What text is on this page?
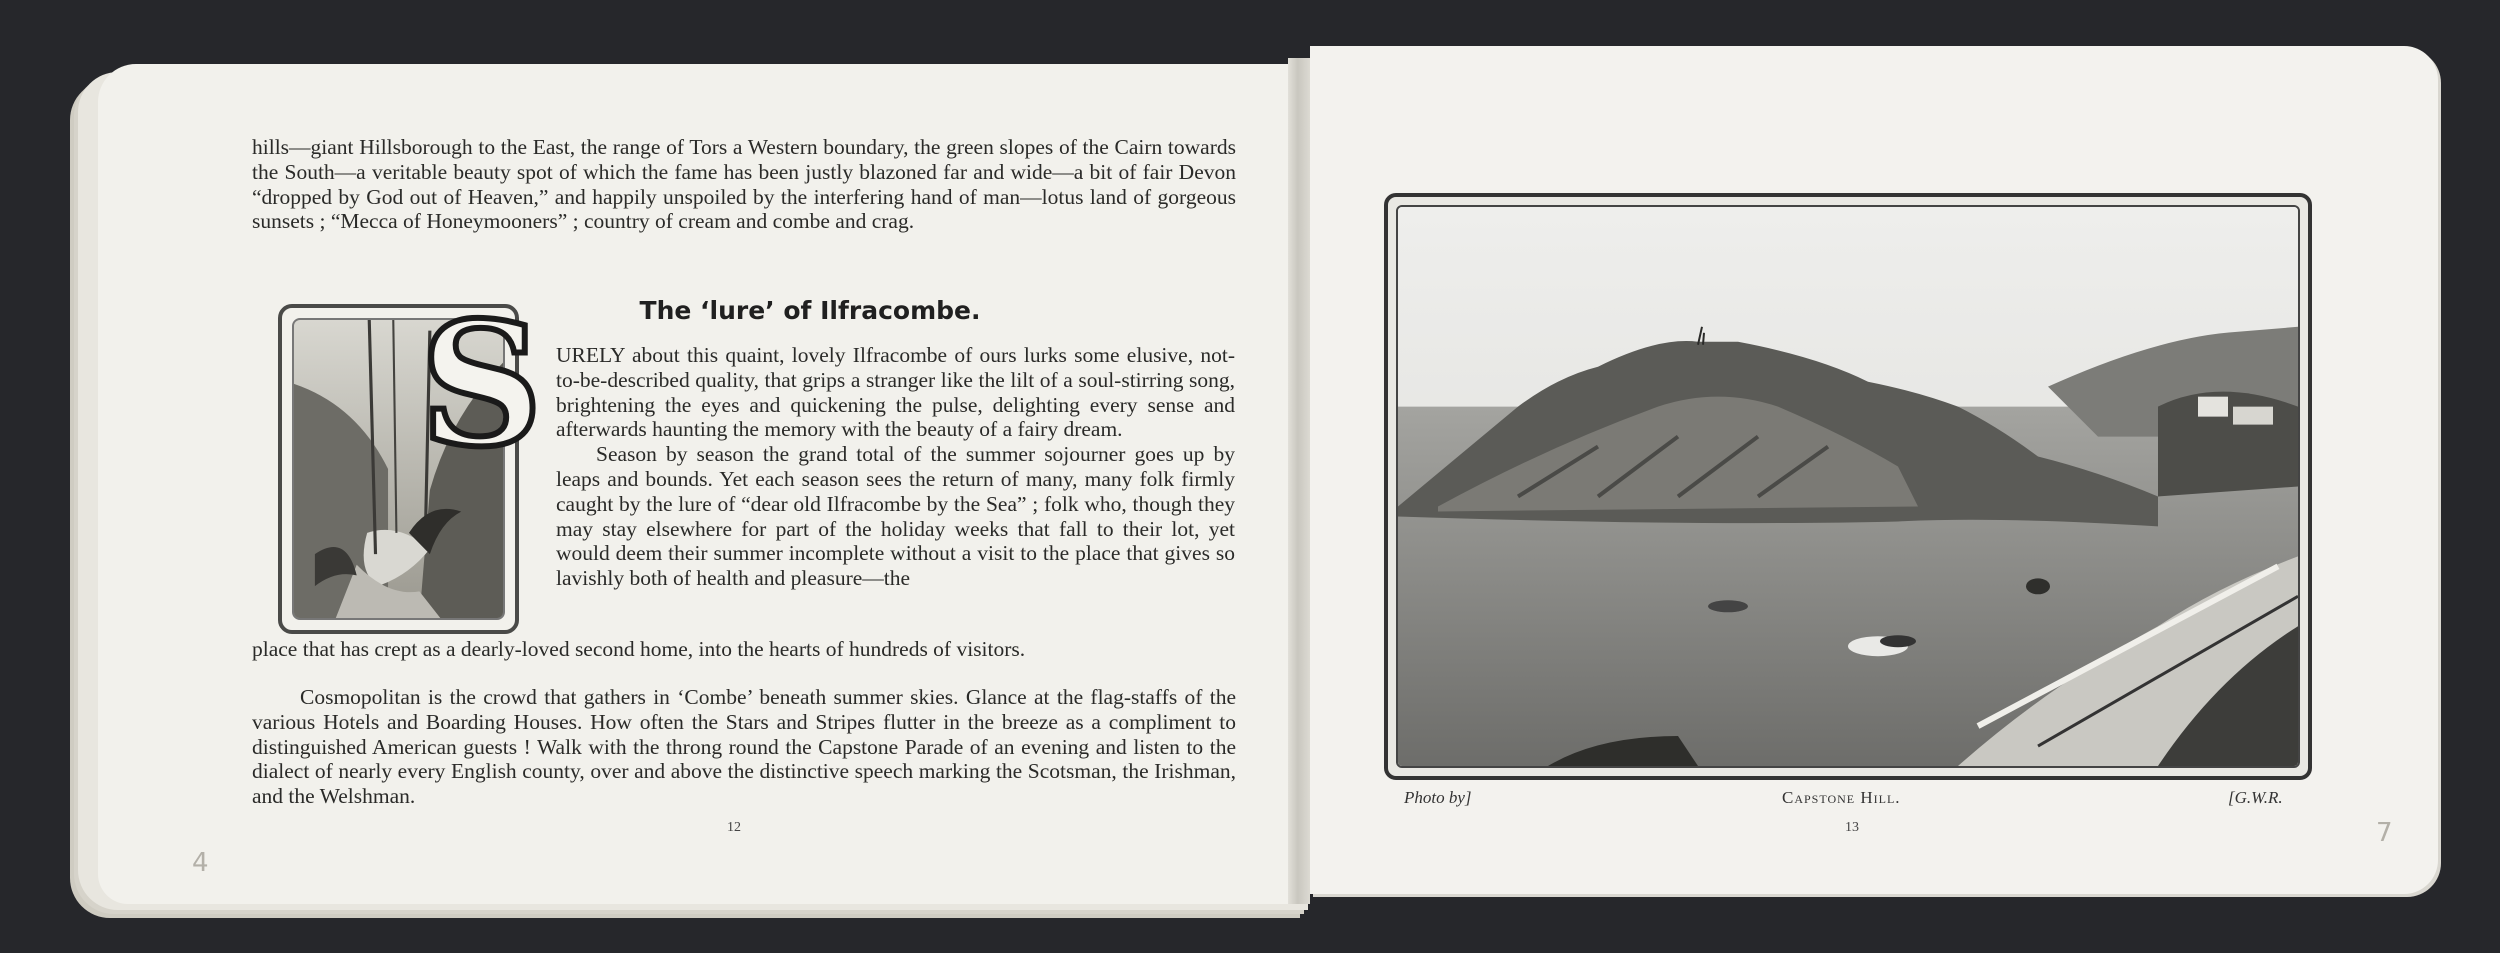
hills—giant Hillsborough to the East, the range of Tors a Western boundary, the green slopes of the Cairn towards the South—a veritable beauty spot of which the fame has been justly blazoned far and wide—a bit of fair Devon “dropped by God out of Heaven,” and happily unspoiled by the interfering hand of man—lotus land of gorgeous sunsets ; “Mecca of Honeymooners” ; country of cream and combe and crag.

The ‘lure’ of Ilfracombe.
S URELY about this quaint, lovely Ilfracombe of ours lurks some elusive, not-to-be-described quality, that grips a stranger like the lilt of a soul-stirring song, brightening the eyes and quickening the pulse, delighting every sense and afterwards haunting the memory with the beauty of a fairy dream.
Season by season the grand total of the summer sojourner goes up by leaps and bounds. Yet each season sees the return of many, many folk firmly caught by the lure of “dear old Ilfracombe by the Sea” ; folk who, though they may stay elsewhere for part of the holiday weeks that fall to their lot, yet would deem their summer incomplete without a visit to the place that gives so lavishly both of health and pleasure—the
place that has crept as a dearly-loved second home, into the hearts of hundreds of visitors.

Cosmopolitan is the crowd that gathers in ‘Combe’ beneath summer skies. Glance at the flag-staffs of the various Hotels and Boarding Houses. How often the Stars and Stripes flutter in the breeze as a compliment to distinguished American guests ! Walk with the throng round the Capstone Parade of an evening and listen to the dialect of nearly every English county, over and above the distinctive speech marking the Scotsman, the Irishman, and the Welshman.

12
4
Photo by]	Capstone Hill.	[G.W.R.
13	7
